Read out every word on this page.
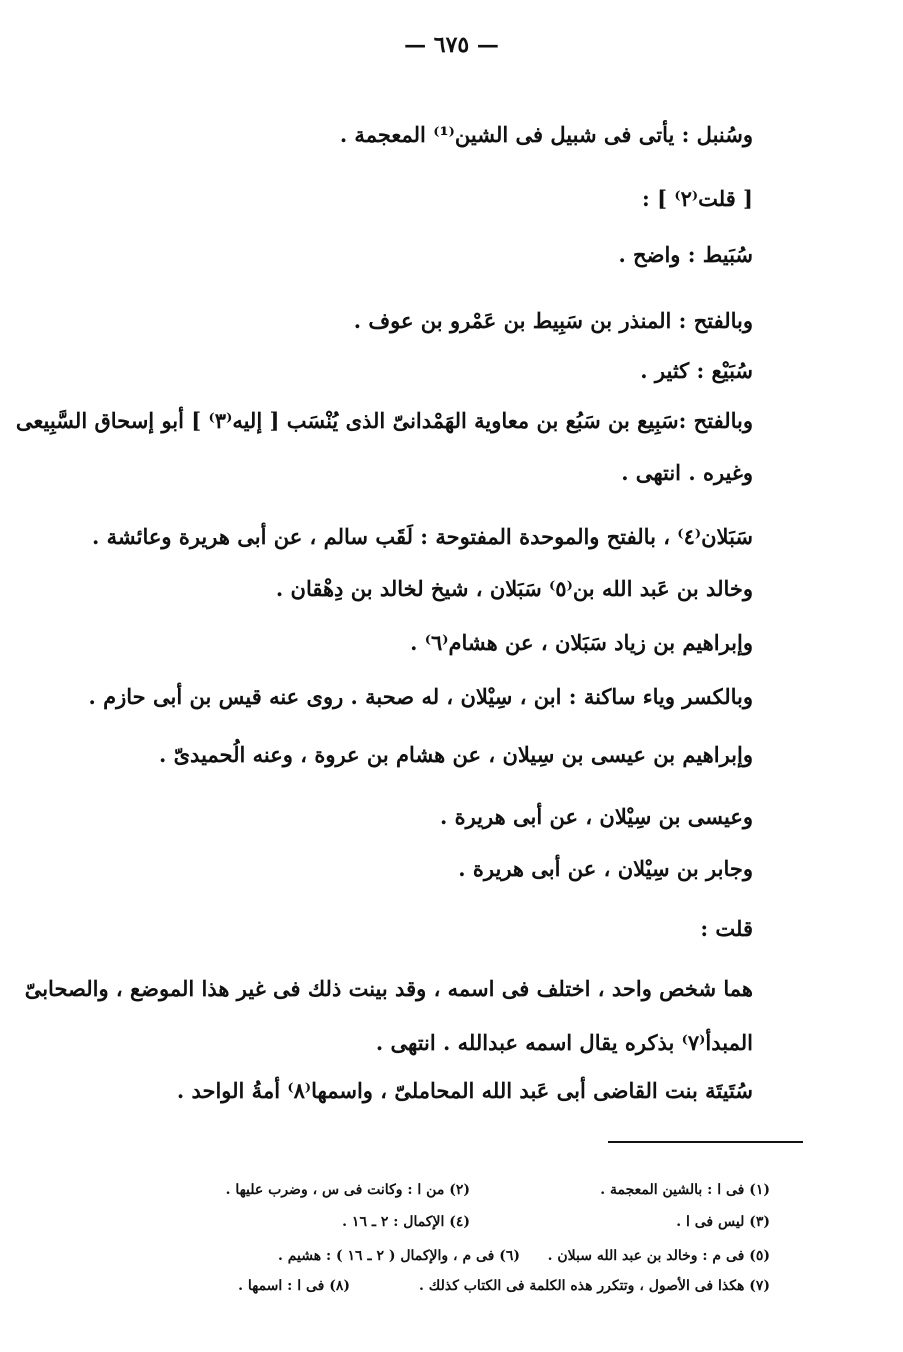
— ٦٧٥ —
وسُنبل : يأتى فى شبيل فى الشين⁽¹⁾ المعجمة .
[ قلت⁽٢⁾ ] :
سُبَيط : واضح .
وبالفتح : المنذر بن سَبِيط بن عَمْرو بن عوف .
سُبَيْع : كثير .
وبالفتح :سَبِيع بن سَبُع بن معاوية الهَمْدانىّ الذى يُنْسَب [ إليه⁽٣⁾ ] أبو إسحاق السَّبِيعى
وغيره . انتهى .
سَبَلان⁽٤⁾ ، بالفتح والموحدة المفتوحة : لَقَب سالم ، عن أبى هريرة وعائشة .
وخالد بن عَبد الله بن⁽٥⁾ سَبَلان ، شيخ لخالد بن دِهْقان .
وإبراهيم بن زياد سَبَلان ، عن هشام⁽٦⁾ .
وبالكسر وياء ساكنة : ابن ، سِيْلان ، له صحبة . روى عنه قيس بن أبى حازم .
وإبراهيم بن عيسى بن سِيلان ، عن هشام بن عروة ، وعنه الُحميدىّ .
وعيسى بن سِيْلان ، عن أبى هريرة .
وجابر بن سِيْلان ، عن أبى هريرة .
قلت :
هما شخص واحد ، اختلف فى اسمه ، وقد بينت ذلك فى غير هذا الموضع ، والصحابىّ
المبدأ⁽٧⁾ بذكره يقال اسمه عبدالله . انتهى .
سُتَيتَة بنت القاضى أبى عَبد الله المحاملىّ ، واسمها⁽٨⁾ أمةُ الواحد .
(١) فى ا : بالشين المعجمة .
(٢) من ا : وكانت فى س ، وضرب عليها .
(٣) ليس فى ا .
(٤) الإكمال : ٢ ـ ١٦ .
(٥) فى م : وخالد بن عبد الله سبلان .
(٦) فى م ، والإكمال ( ٢ ـ ١٦ ) : هشيم .
(٧) هكذا فى الأصول ، وتتكرر هذه الكلمة فى الكتاب كذلك .
(٨) فى ا : اسمها .
